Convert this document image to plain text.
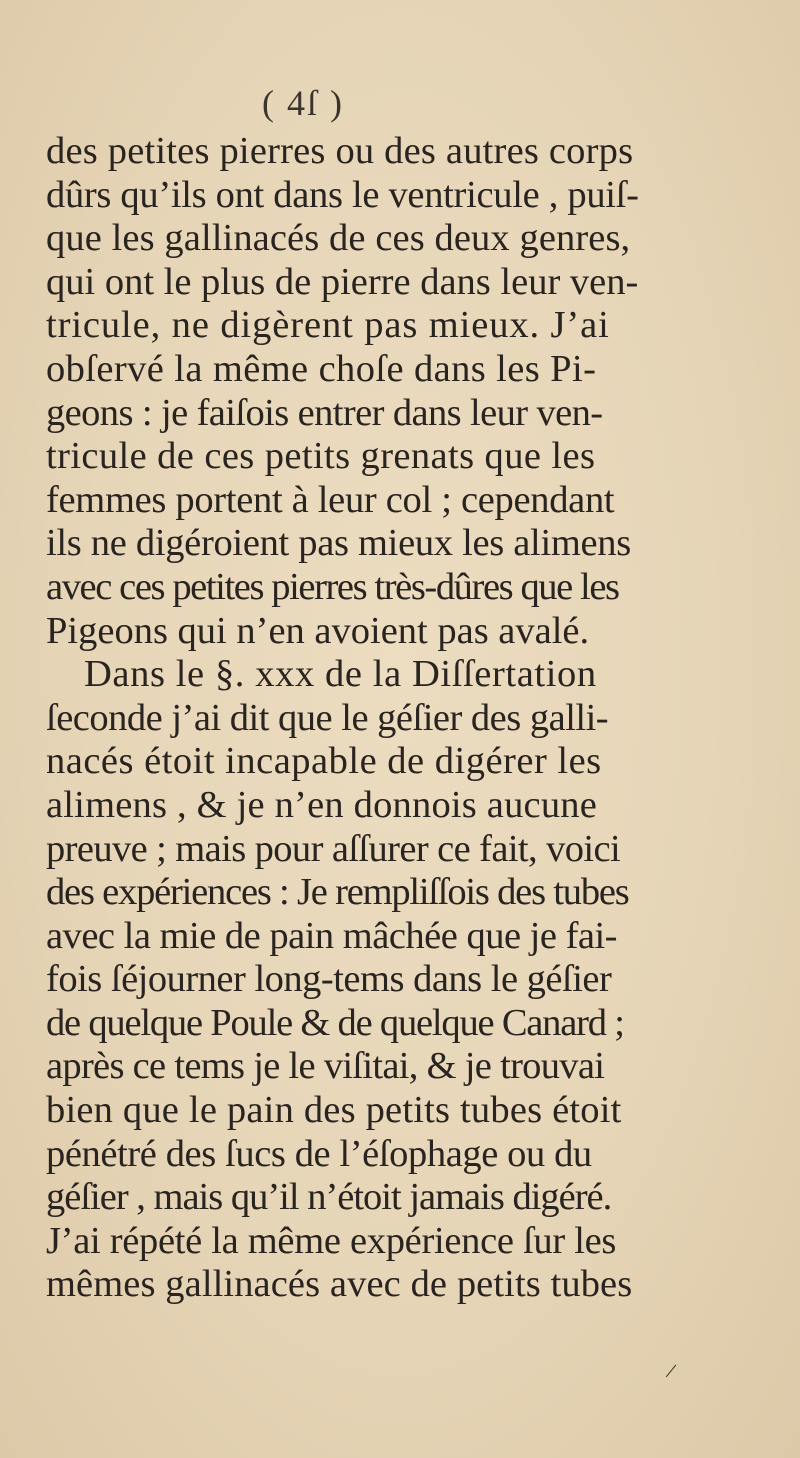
( 4ſ )
des petites pierres ou des autres corps
dûrs qu’ils ont dans le ventricule , puiſ-
que les gallinacés de ces deux genres,
qui ont le plus de pierre dans leur ven-
tricule, ne digèrent pas mieux. J’ai
obſervé la même choſe dans les Pi-
geons : je faiſois entrer dans leur ven-
tricule de ces petits grenats que les
femmes portent à leur col ; cependant
ils ne digéroient pas mieux les alimens
avec ces petites pierres très-dûres que les
Pigeons qui n’en avoient pas avalé.
Dans le §. xxx de la Diſſertation
ſeconde j’ai dit que le géſier des galli-
nacés étoit incapable de digérer les
alimens , & je n’en donnois aucune
preuve ; mais pour aſſurer ce fait, voici
des expériences : Je rempliſſois des tubes
avec la mie de pain mâchée que je fai-
fois ſéjourner long-tems dans le géſier
de quelque Poule & de quelque Canard ;
après ce tems je le viſitai, & je trouvai
bien que le pain des petits tubes étoit
pénétré des ſucs de l’éſophage ou du
géſier , mais qu’il n’étoit jamais digéré.
J’ai répété la même expérience ſur les
mêmes gallinacés avec de petits tubes
/
